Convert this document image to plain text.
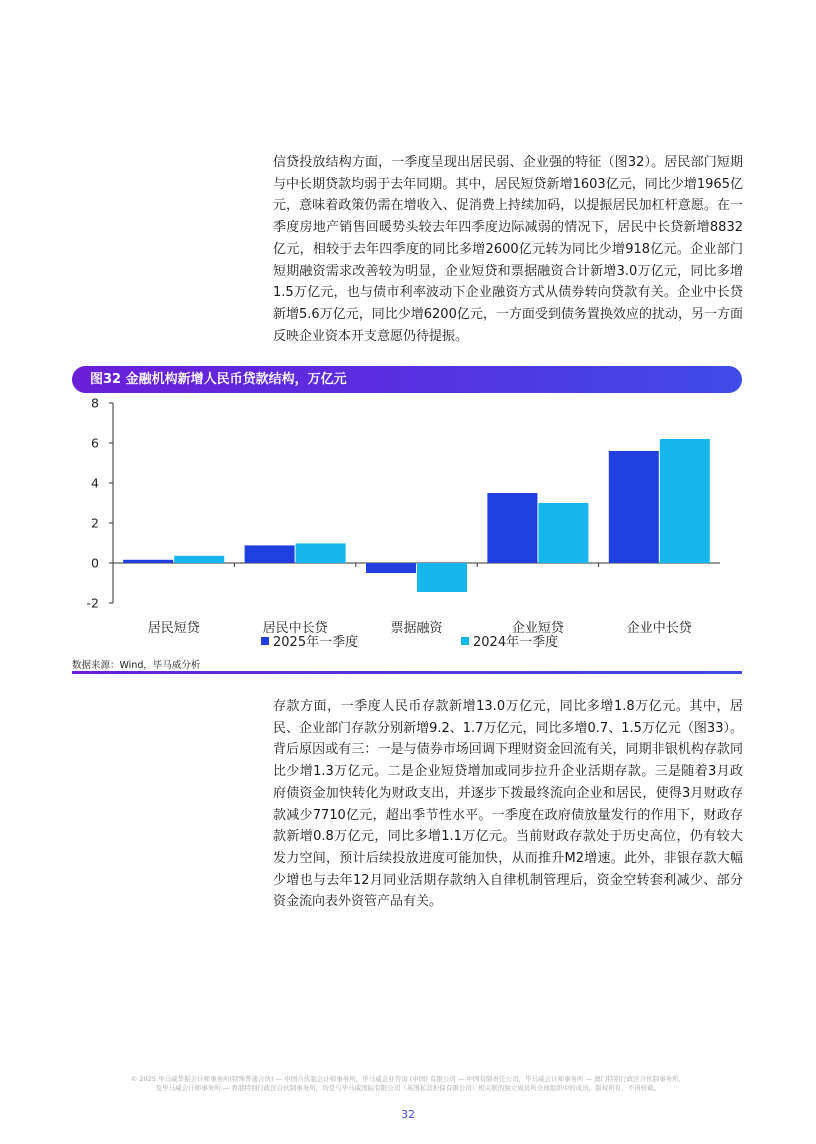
信贷投放结构方面，一季度呈现出居民弱、企业强的特征（图32）。居民部门短期与中长期贷款均弱于去年同期。其中，居民短贷新增1603亿元，同比少增1965亿元，意味着政策仍需在增收入、促消费上持续加码，以提振居民加杠杆意愿。在一季度房地产销售回暖势头较去年四季度边际减弱的情况下，居民中长贷新增8832亿元，相较于去年四季度的同比多增2600亿元转为同比少增918亿元。企业部门短期融资需求改善较为明显，企业短贷和票据融资合计新增3.0万亿元，同比多增1.5万亿元，也与债市利率波动下企业融资方式从债券转向贷款有关。企业中长贷新增5.6万亿元，同比少增6200亿元，一方面受到债务置换效应的扰动，另一方面反映企业资本开支意愿仍待提振。

图32 金融机构新增人民币贷款结构，万亿元
8
6
4
2
0
-2
居民短贷	居民中长贷	票据融资	企业短贷	企业中长贷
2025年一季度	2024年一季度
数据来源：Wind，毕马威分析

存款方面，一季度人民币存款新增13.0万亿元，同比多增1.8万亿元。其中，居民、企业部门存款分别新增9.2、1.7万亿元，同比多增0.7、1.5万亿元（图33）。背后原因或有三：一是与债券市场回调下理财资金回流有关，同期非银机构存款同比少增1.3万亿元。二是企业短贷增加或同步拉升企业活期存款。三是随着3月政府债资金加快转化为财政支出，并逐步下拨最终流向企业和居民，使得3月财政存款减少7710亿元，超出季节性水平。一季度在政府债放量发行的作用下，财政存款新增0.8万亿元，同比多增1.1万亿元。当前财政存款处于历史高位，仍有较大发力空间，预计后续投放进度可能加快，从而推升M2增速。此外，非银存款大幅少增也与去年12月同业活期存款纳入自律机制管理后，资金空转套利减少、部分资金流向表外资管产品有关。

© 2025 毕马威华振会计师事务所(特殊普通合伙) — 中国合伙制会计师事务所，毕马威企业咨询 (中国) 有限公司 — 中国有限责任公司，毕马威会计师事务所 — 澳门特别行政区合伙制事务所，
及毕马威会计师事务所 — 香港特别行政区合伙制事务所，均是与毕马威国际有限公司（英国私营担保有限公司）相关联的独立成员所全球组织中的成员。版权所有，不得转载。
32
